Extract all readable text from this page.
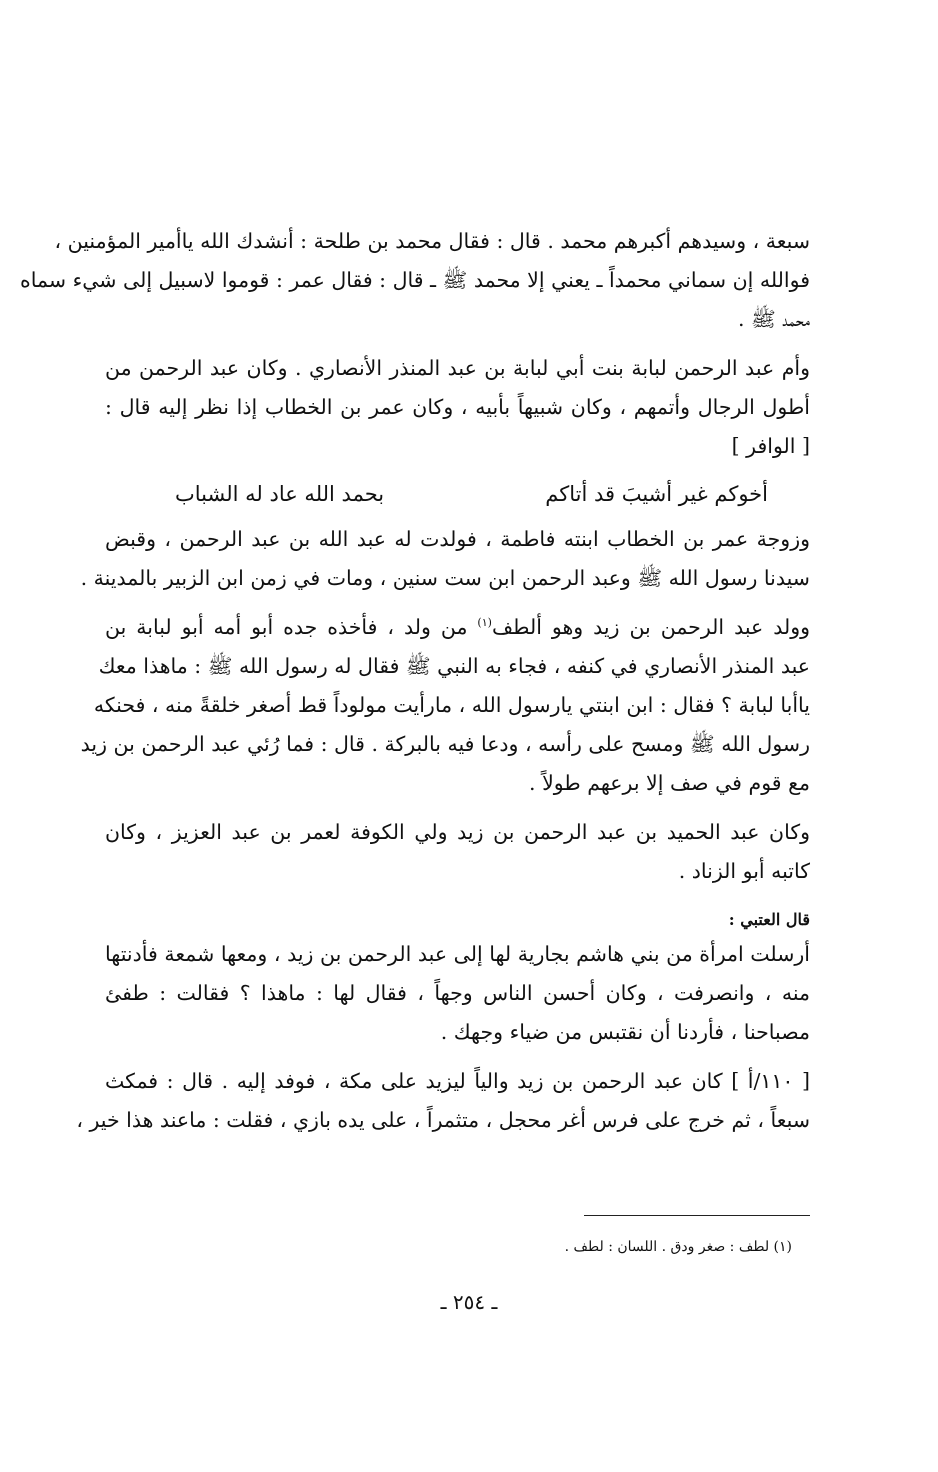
سبعة ، وسيدهم أكبرهم محمد . قال : فقال محمد بن طلحة : أنشدك الله ياأمير المؤمنين ،
فوالله إن سماني محمداً ـ يعني إلا محمد ﷺ ـ قال : فقال عمر : قوموا لاسبيل إلى شيء سماه
محمد ﷺ .
وأم عبد الرحمن لبابة بنت أبي لبابة بن عبد المنذر الأنصاري . وكان عبد الرحمن من
أطول الرجال وأتمهم ، وكان شبيهاً بأبيه ، وكان عمر بن الخطاب إذا نظر إليه قال :
[ الوافر ]
أخوكم غير أشيبَ قد أتاكم
بحمد الله عاد له الشباب
وزوجة عمر بن الخطاب ابنته فاطمة ، فولدت له عبد الله بن عبد الرحمن ، وقبض
سيدنا رسول الله ﷺ وعبد الرحمن ابن ست سنين ، ومات في زمن ابن الزبير بالمدينة .
وولد عبد الرحمن بن زيد وهو ألطف$^{(١)}$ من ولد ، فأخذه جده أبو أمه أبو لبابة بن
عبد المنذر الأنصاري في كنفه ، فجاء به النبي ﷺ فقال له رسول الله ﷺ : ماهذا معك
ياأبا لبابة ؟ فقال : ابن ابنتي يارسول الله ، مارأيت مولوداً قط أصغر خلقةً منه ، فحنكه
رسول الله ﷺ ومسح على رأسه ، ودعا فيه بالبركة . قال : فما رُئي عبد الرحمن بن زيد
مع قوم في صف إلا برعهم طولاً .
وكان عبد الحميد بن عبد الرحمن بن زيد ولي الكوفة لعمر بن عبد العزيز ، وكان
كاتبه أبو الزناد .
قال العتبي :
أرسلت امرأة من بني هاشم بجارية لها إلى عبد الرحمن بن زيد ، ومعها شمعة فأدنتها
منه ، وانصرفت ، وكان أحسن الناس وجهاً ، فقال لها : ماهذا ؟ فقالت : طفئ
مصباحنا ، فأردنا أن نقتبس من ضياء وجهك .
[ ١١٠/أ ] كان عبد الرحمن بن زيد والياً ليزيد على مكة ، فوفد إليه . قال : فمكث
سبعاً ، ثم خرج على فرس أغر محجل ، متثمراً ، على يده بازي ، فقلت : ماعند هذا خير ،
(١) لطف : صغر ودق . اللسان : لطف .
ـ ٢٥٤ ـ
